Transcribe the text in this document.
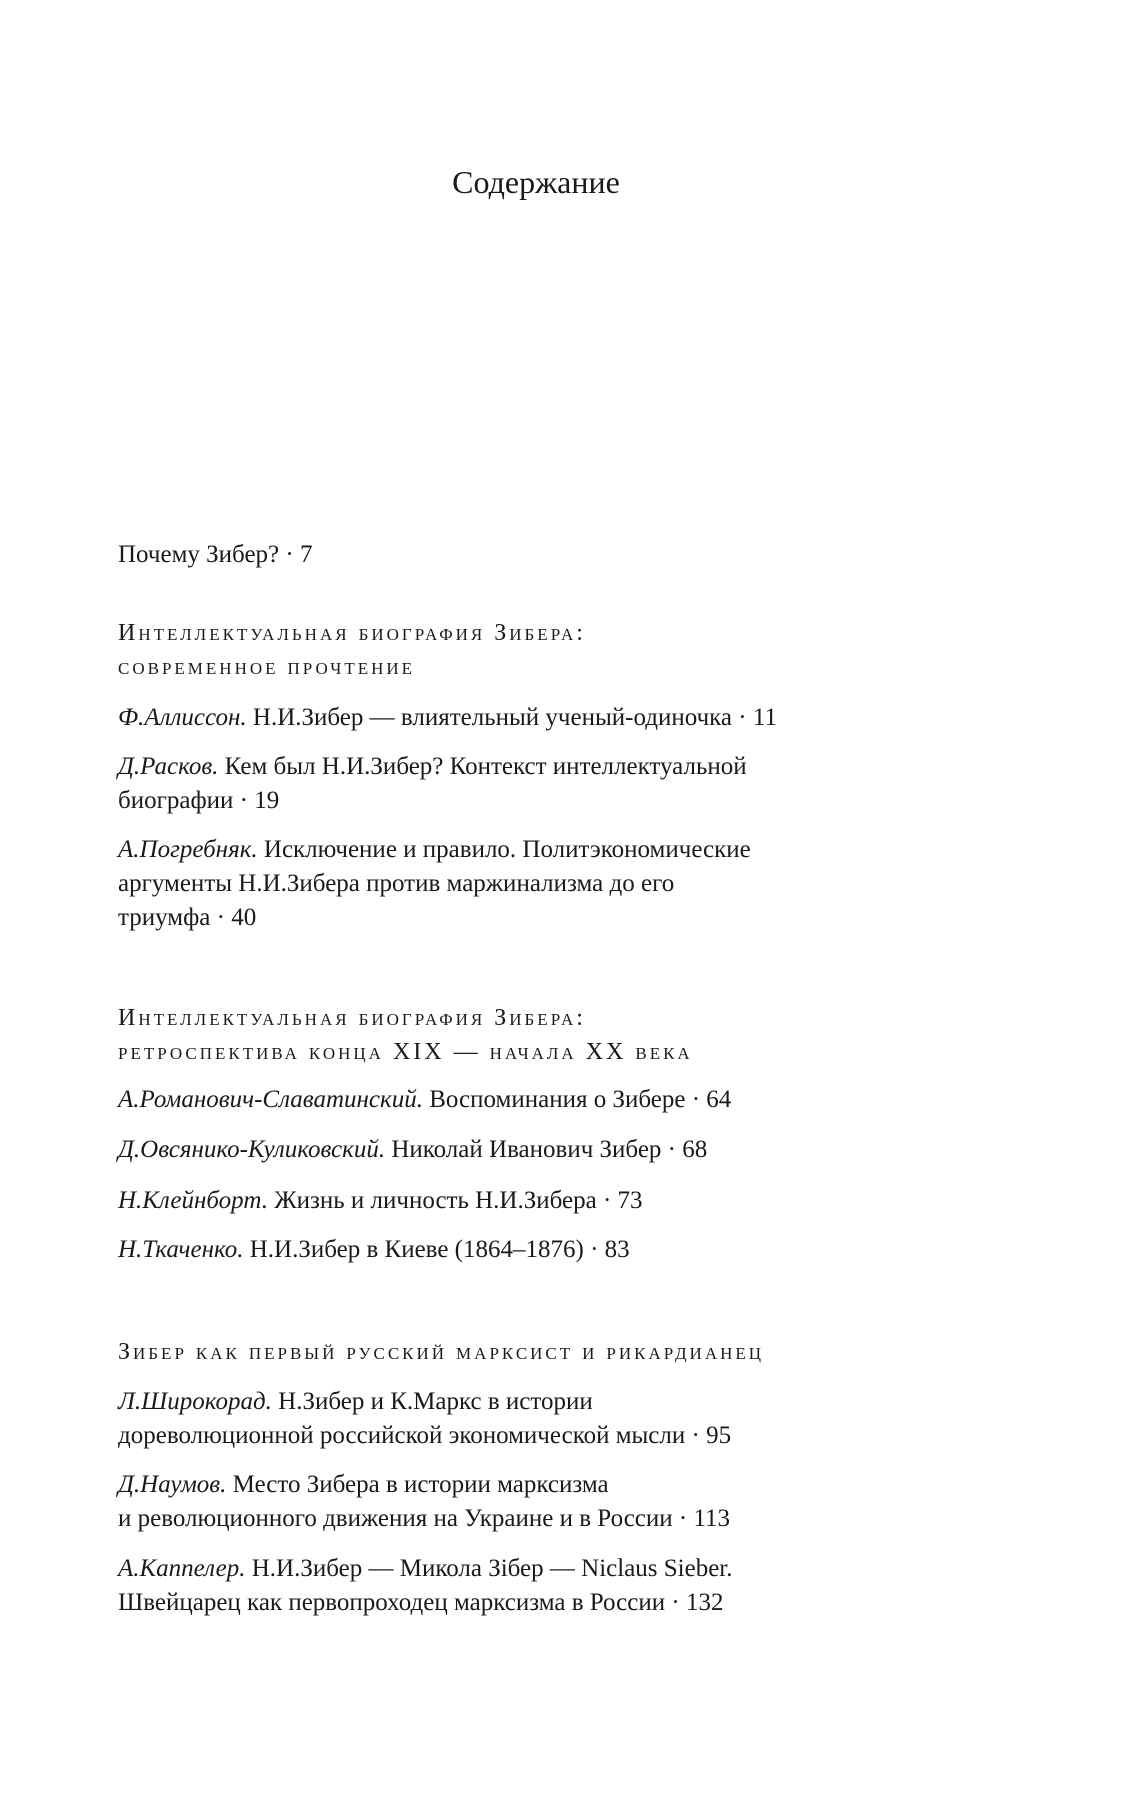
Содержание
Почему Зибер? · 7
Интеллектуальная биография Зибера:
современное прочтение
Ф.Аллиссон. Н.И.Зибер — влиятельный ученый-одиночка · 11
Д.Расков. Кем был Н.И.Зибер? Контекст интеллектуальной
биографии · 19
А.Погребняк. Исключение и правило. Политэкономические
аргументы Н.И.Зибера против маржинализма до его
триумфа · 40
Интеллектуальная биография Зибера:
ретроспектива конца XIX — начала XX века
А.Романович-Славатинский. Воспоминания о Зибере · 64
Д.Овсянико-Куликовский. Николай Иванович Зибер · 68
Н.Клейнборт. Жизнь и личность Н.И.Зибера · 73
Н.Ткаченко. Н.И.Зибер в Киеве (1864–1876) · 83
Зибер как первый русский марксист и рикардианец
Л.Широкорад. Н.Зибер и К.Маркс в истории
дореволюционной российской экономической мысли · 95
Д.Наумов. Место Зибера в истории марксизма
и революционного движения на Украине и в России · 113
А.Каппелер. Н.И.Зибер — Микола Зібер — Niclaus Sieber.
Швейцарец как первопроходец марксизма в России · 132
